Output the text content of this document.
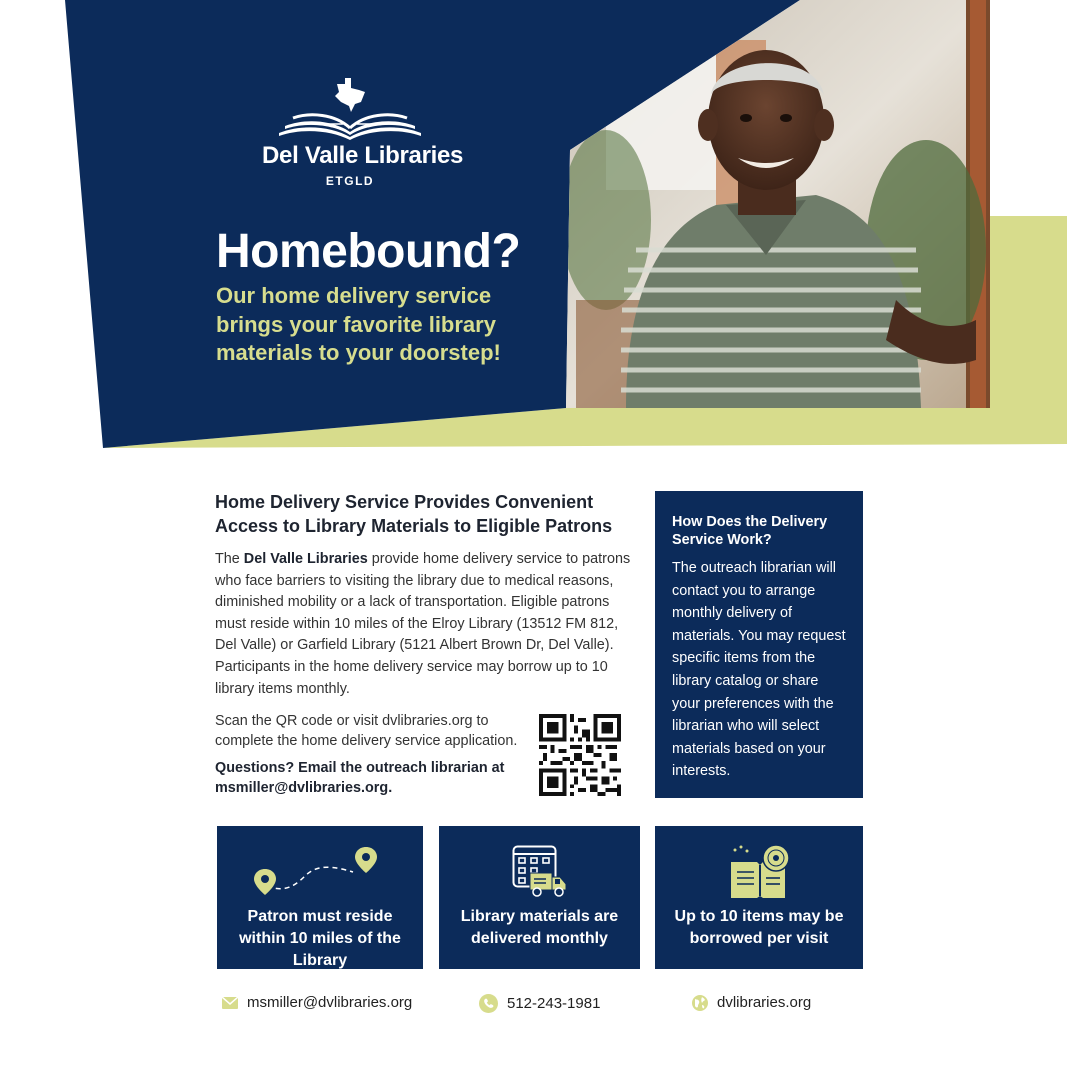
Del Valle Libraries
ETGLD
Homebound?
Our home delivery service brings your favorite library materials to your doorstep!
Home Delivery Service Provides Convenient Access to Library Materials to Eligible Patrons
The Del Valle Libraries provide home delivery service to patrons who face barriers to visiting the library due to medical reasons, diminished mobility or a lack of transportation. Eligible patrons must reside within 10 miles of the Elroy Library (13512 FM 812, Del Valle) or Garfield Library (5121 Albert Brown Dr, Del Valle). Participants in the home delivery service may borrow up to 10 library items monthly.
Scan the QR code or visit dvlibraries.org to complete the home delivery service application.
Questions? Email the outreach librarian at msmiller@dvlibraries.org.
How Does the Delivery Service Work?
The outreach librarian will contact you to arrange monthly delivery of materials. You may request specific items from the library catalog or share your preferences with the librarian who will select materials based on your interests.
Patron must reside within 10 miles of the Library
Library materials are delivered monthly
Up to 10 items may be borrowed per visit
msmiller@dvlibraries.org	512-243-1981	dvlibraries.org
